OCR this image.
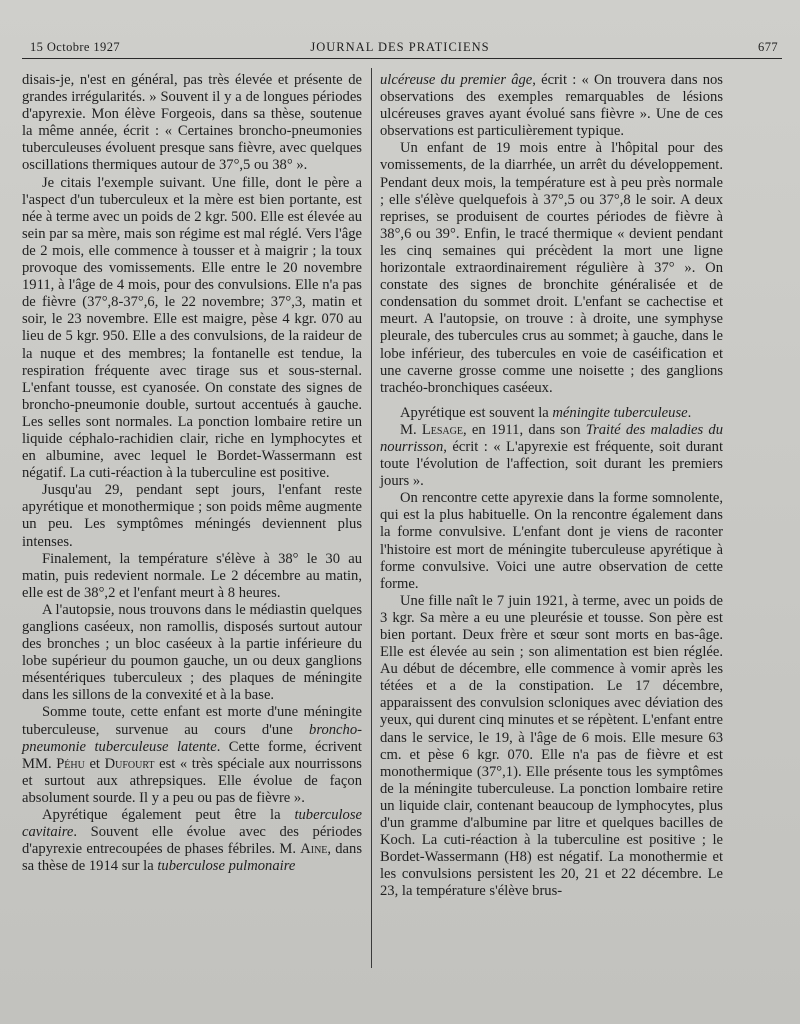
15 Octobre 1927	JOURNAL DES PRATICIENS	677

disais-je, n'est en général, pas très élevée et présente de grandes irrégularités. » Souvent il y a de longues périodes d'apyrexie. Mon élève Forgeois, dans sa thèse, soutenue la même année, écrit : « Certaines broncho-pneumonies tuberculeuses évoluent presque sans fièvre, avec quelques oscillations thermiques autour de 37°,5 ou 38° ».

Je citais l'exemple suivant. Une fille, dont le père a l'aspect d'un tuberculeux et la mère est bien portante, est née à terme avec un poids de 2 kgr. 500. Elle est élevée au sein par sa mère, mais son régime est mal réglé. Vers l'âge de 2 mois, elle commence à tousser et à maigrir ; la toux provoque des vomissements. Elle entre le 20 novembre 1911, à l'âge de 4 mois, pour des convulsions. Elle n'a pas de fièvre (37°,8-37°,6, le 22 novembre; 37°,3, matin et soir, le 23 novembre. Elle est maigre, pèse 4 kgr. 070 au lieu de 5 kgr. 950. Elle a des convulsions, de la raideur de la nuque et des membres; la fontanelle est tendue, la respiration fréquente avec tirage sus et sous-sternal. L'enfant tousse, est cyanosée. On constate des signes de broncho-pneumonie double, surtout accentués à gauche. Les selles sont normales. La ponction lombaire retire un liquide céphalo-rachidien clair, riche en lymphocytes et en albumine, avec lequel le Bordet-Wassermann est négatif. La cuti-réaction à la tuberculine est positive.

Jusqu'au 29, pendant sept jours, l'enfant reste apyrétique et monothermique ; son poids même augmente un peu. Les symptômes méningés deviennent plus intenses.

Finalement, la température s'élève à 38° le 30 au matin, puis redevient normale. Le 2 décembre au matin, elle est de 38°,2 et l'enfant meurt à 8 heures.

A l'autopsie, nous trouvons dans le médiastin quelques ganglions caséeux, non ramollis, disposés surtout autour des bronches ; un bloc caséeux à la partie inférieure du lobe supérieur du poumon gauche, un ou deux ganglions mésentériques tuberculeux ; des plaques de méningite dans les sillons de la convexité et à la base.

Somme toute, cette enfant est morte d'une méningite tuberculeuse, survenue au cours d'une broncho-pneumonie tuberculeuse latente. Cette forme, écrivent MM. Péhu et Dufourt est « très spéciale aux nourrissons et surtout aux athrepsiques. Elle évolue de façon absolument sourde. Il y a peu ou pas de fièvre ».

Apyrétique également peut être la tuberculose cavitaire. Souvent elle évolue avec des périodes d'apyrexie entrecoupées de phases fébriles. M. Aine, dans sa thèse de 1914 sur la tuberculose pulmonaire

ulcéreuse du premier âge, écrit : « On trouvera dans nos observations des exemples remarquables de lésions ulcéreuses graves ayant évolué sans fièvre ». Une de ces observations est particulièrement typique.

Un enfant de 19 mois entre à l'hôpital pour des vomissements, de la diarrhée, un arrêt du développement. Pendant deux mois, la température est à peu près normale ; elle s'élève quelquefois à 37°,5 ou 37°,8 le soir. A deux reprises, se produisent de courtes périodes de fièvre à 38°,6 ou 39°. Enfin, le tracé thermique « devient pendant les cinq semaines qui précèdent la mort une ligne horizontale extraordinairement régulière à 37° ». On constate des signes de bronchite généralisée et de condensation du sommet droit. L'enfant se cachectise et meurt. A l'autopsie, on trouve : à droite, une symphyse pleurale, des tubercules crus au sommet; à gauche, dans le lobe inférieur, des tubercules en voie de caséification et une caverne grosse comme une noisette ; des ganglions trachéo-bronchiques caséeux.

Apyrétique est souvent la méningite tuberculeuse.

M. Lesage, en 1911, dans son Traité des maladies du nourrisson, écrit : « L'apyrexie est fréquente, soit durant toute l'évolution de l'affection, soit durant les premiers jours ».

On rencontre cette apyrexie dans la forme somnolente, qui est la plus habituelle. On la rencontre également dans la forme convulsive. L'enfant dont je viens de raconter l'histoire est mort de méningite tuberculeuse apyrétique à forme convulsive. Voici une autre observation de cette forme.

Une fille naît le 7 juin 1921, à terme, avec un poids de 3 kgr. Sa mère a eu une pleurésie et tousse. Son père est bien portant. Deux frère et sœur sont morts en bas-âge. Elle est élevée au sein ; son alimentation est bien réglée. Au début de décembre, elle commence à vomir après les tétées et a de la constipation. Le 17 décembre, apparaissent des convulsion scloniques avec déviation des yeux, qui durent cinq minutes et se répètent. L'enfant entre dans le service, le 19, à l'âge de 6 mois. Elle mesure 63 cm. et pèse 6 kgr. 070. Elle n'a pas de fièvre et est monothermique (37°,1). Elle présente tous les symptômes de la méningite tuberculeuse. La ponction lombaire retire un liquide clair, contenant beaucoup de lymphocytes, plus d'un gramme d'albumine par litre et quelques bacilles de Koch. La cuti-réaction à la tuberculine est positive ; le Bordet-Wassermann (H8) est négatif. La monothermie et les convulsions persistent les 20, 21 et 22 décembre. Le 23, la température s'élève brus-
